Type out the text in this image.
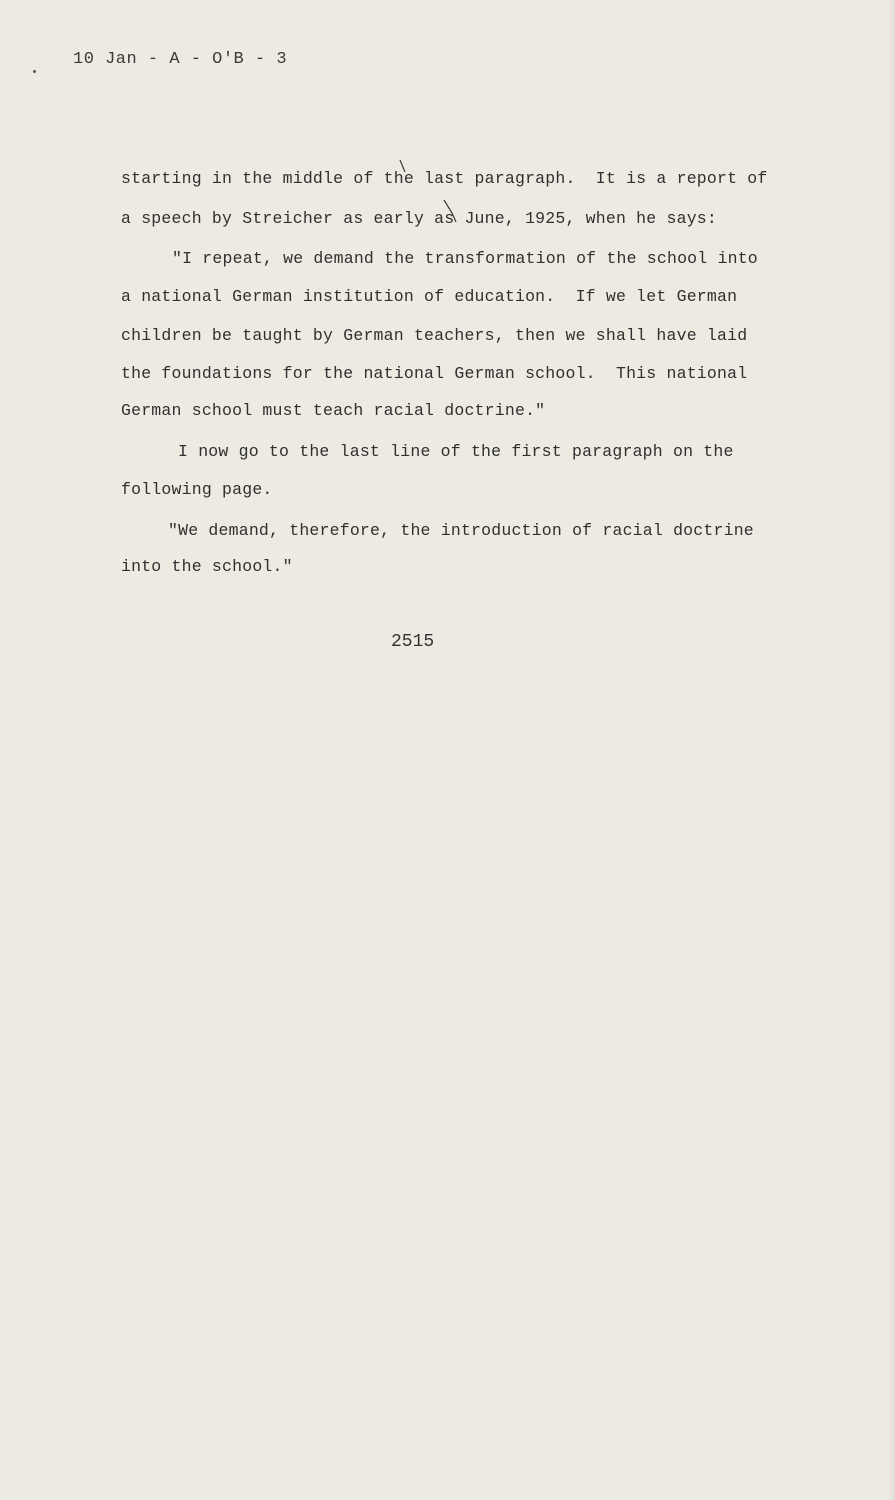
10 Jan - A - O'B - 3
starting in the middle of the last paragraph.  It is a report of
a speech by Streicher as early as June, 1925, when he says:
"I repeat, we demand the transformation of the school into
a national German institution of education.  If we let German
children be taught by German teachers, then we shall have laid
the foundations for the national German school.  This national
German school must teach racial doctrine."
I now go to the last line of the first paragraph on the
following page.
"We demand, therefore, the introduction of racial doctrine
into the school."
2515
